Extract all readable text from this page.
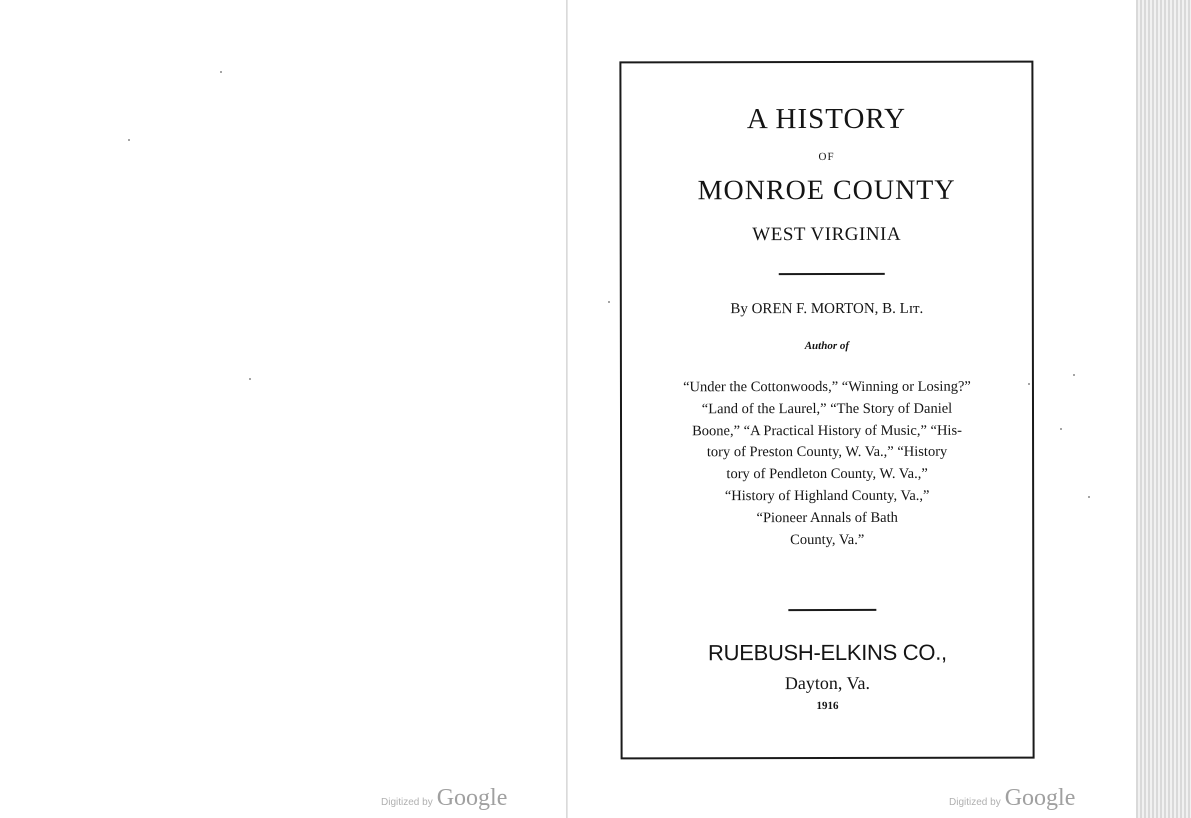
Digitized by Google
A HISTORY
OF
MONROE COUNTY
WEST VIRGINIA
By OREN F. MORTON, B. Lɪᴛ.
Author of
“Under the Cottonwoods,” “Winning or Losing?”
“Land of the Laurel,” “The Story of Daniel
Boone,” “A Practical History of Music,” “His-
tory of Preston County, W. Va.,” “History
tory of Pendleton County, W. Va.,”
“History of Highland County, Va.,”
“Pioneer Annals of Bath
County, Va.”
RUEBUSH-ELKINS CO.,
Dayton, Va.
1916
Digitized by Google
